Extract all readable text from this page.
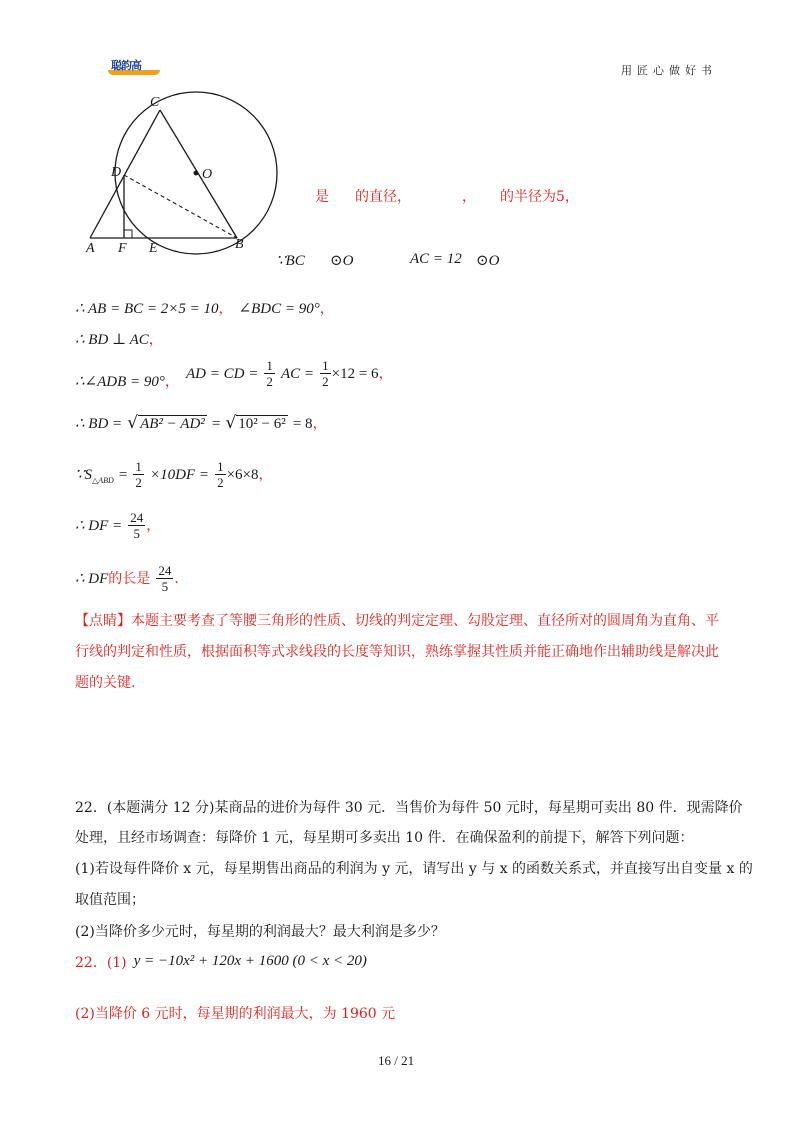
聪韵高	用匠心做好书
C
D	O
A F E	B
是 的直径，	， 的半径为5，
∵BC ⊙O	AC = 12 ⊙O
∴ AB = BC = 2×5 = 10， ∠BDC = 90°，
∴ BD ⊥ AC，
∴∠ADB = 90°， AD = CD = $\frac{1}{2}$ AC = $\frac{1}{2} \times 12 = 6$，
∴ BD = √ AB² − AD² = √ 10² − 6² = 8，
$\because S_{\triangle ABD} = \frac{1}{2} \times 10DF = \frac{1}{2} \times 6\times 8$，
∴ DF = $\frac{24}{5}$ ，
∴ DF的长是 $\frac{24}{5}$ .
【点睛】本题主要考查了等腰三角形的性质、切线的判定定理、勾股定理、直径所对的圆周角为直角、平行线的判定和性质，根据面积等式求线段的长度等知识，熟练掌握其性质并能正确地作出辅助线是解决此题的关键.
22．(本题满分 12 分)某商品的进价为每件 30 元．当售价为每件 50 元时，每星期可卖出 80 件．现需降价
处理，且经市场调查：每降价 1 元，每星期可多卖出 10 件．在确保盈利的前提下，解答下列问题：
(1)若设每件降价 x 元，每星期售出商品的利润为 y 元，请写出 y 与 x 的函数关系式，并直接写出自变量 x 的
取值范围；
(2)当降价多少元时，每星期的利润最大？最大利润是多少？
22．(1) y = −10x² + 120x + 1600 (0 < x < 20)
(2)当降价 6 元时，每星期的利润最大，为 1960 元
16 / 21
